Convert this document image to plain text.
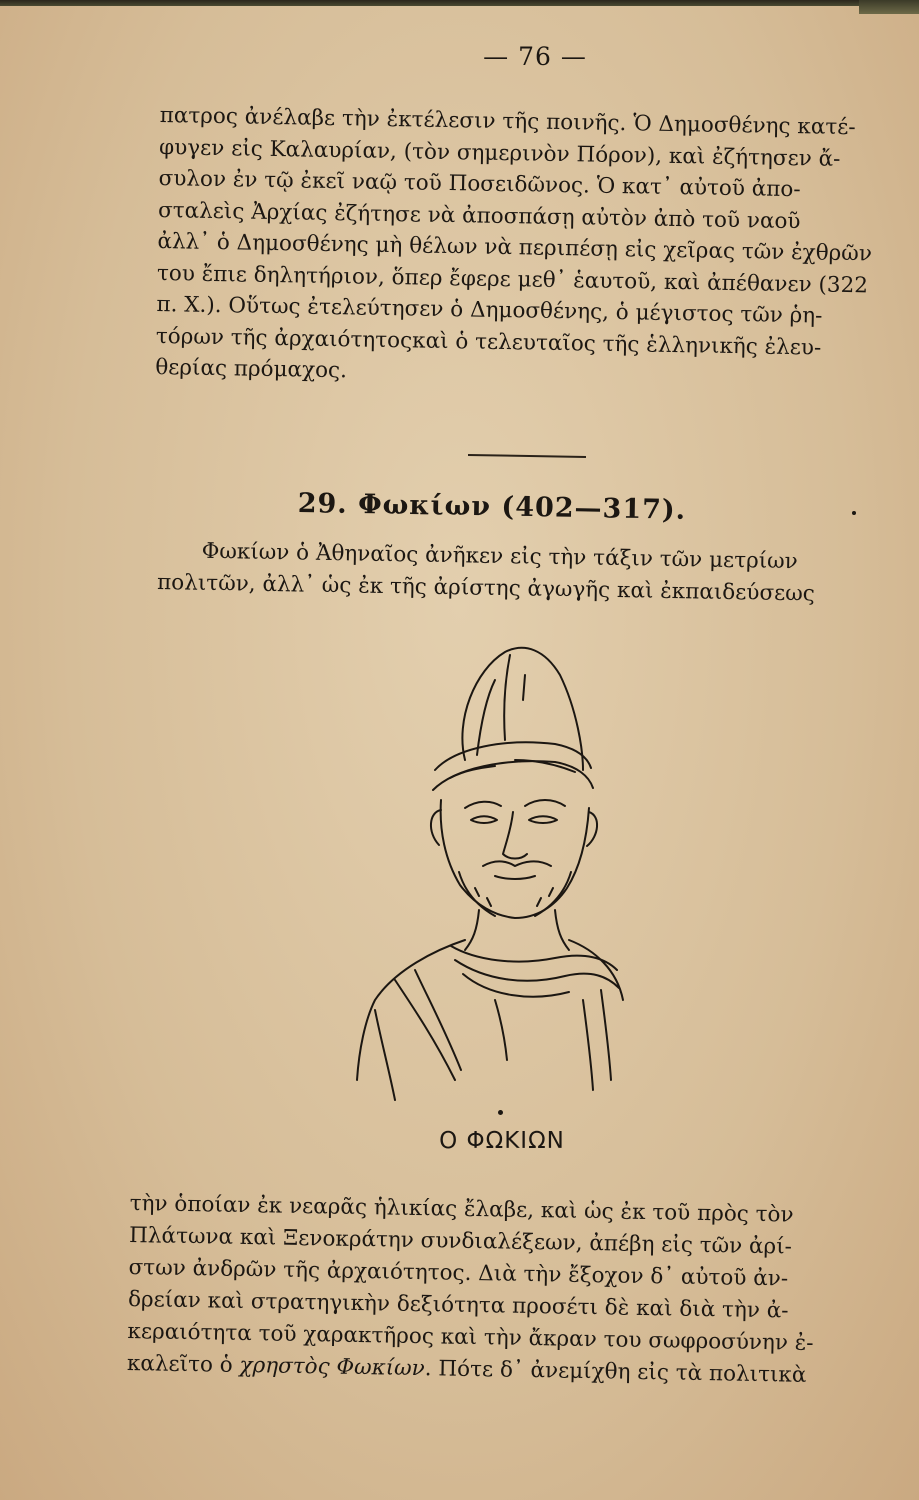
— 76 —
πατρος ἀνέλαβε τὴν ἐκτέλεσιν τῆς ποινῆς. Ὁ Δημοσθένης κατέ-
φυγεν εἰς Καλαυρίαν, (τὸν σημερινὸν Πόρον), καὶ ἐζήτησεν ἄ-
συλον ἐν τῷ ἐκεῖ ναῷ τοῦ Ποσειδῶνος. Ὁ κατ᾽ αὐτοῦ ἀπο-
σταλεὶς Ἀρχίας ἐζήτησε νὰ ἀποσπάσῃ αὐτὸν ἀπὸ τοῦ ναοῦ
ἀλλ᾽ ὁ Δημοσθένης μὴ θέλων νὰ περιπέσῃ εἰς χεῖρας τῶν ἐχθρῶν
του ἔπιε δηλητήριον, ὅπερ ἔφερε μεθ᾽ ἑαυτοῦ, καὶ ἀπέθανεν (322
π. Χ.). Οὕτως ἐτελεύτησεν ὁ Δημοσθένης, ὁ μέγιστος τῶν ῥη-
τόρων τῆς ἀρχαιότητοςκαὶ ὁ τελευταῖος τῆς ἑλληνικῆς ἐλευ-
θερίας πρόμαχος.
29. Φωκίων (402—317).
Φωκίων ὁ Ἀθηναῖος ἀνῆκεν εἰς τὴν τάξιν τῶν μετρίων
πολιτῶν, ἀλλ᾽ ὡς ἐκ τῆς ἀρίστης ἀγωγῆς καὶ ἐκπαιδεύσεως
Ο ΦΩΚΙΩΝ
τὴν ὁποίαν ἐκ νεαρᾶς ἡλικίας ἔλαβε, καὶ ὡς ἐκ τοῦ πρὸς τὸν
Πλάτωνα καὶ Ξενοκράτην συνδιαλέξεων, ἀπέβη εἰς τῶν ἀρί-
στων ἀνδρῶν τῆς ἀρχαιότητος. Διὰ τὴν ἔξοχον δ᾽ αὐτοῦ ἀν-
δρείαν καὶ στρατηγικὴν δεξιότητα προσέτι δὲ καὶ διὰ τὴν ἀ-
κεραιότητα τοῦ χαρακτῆρος καὶ τὴν ἄκραν του σωφροσύνην ἐ-
καλεῖτο ὁ χρηστὸς Φωκίων. Πότε δ᾽ ἀνεμίχθη εἰς τὰ πολιτικὰ
